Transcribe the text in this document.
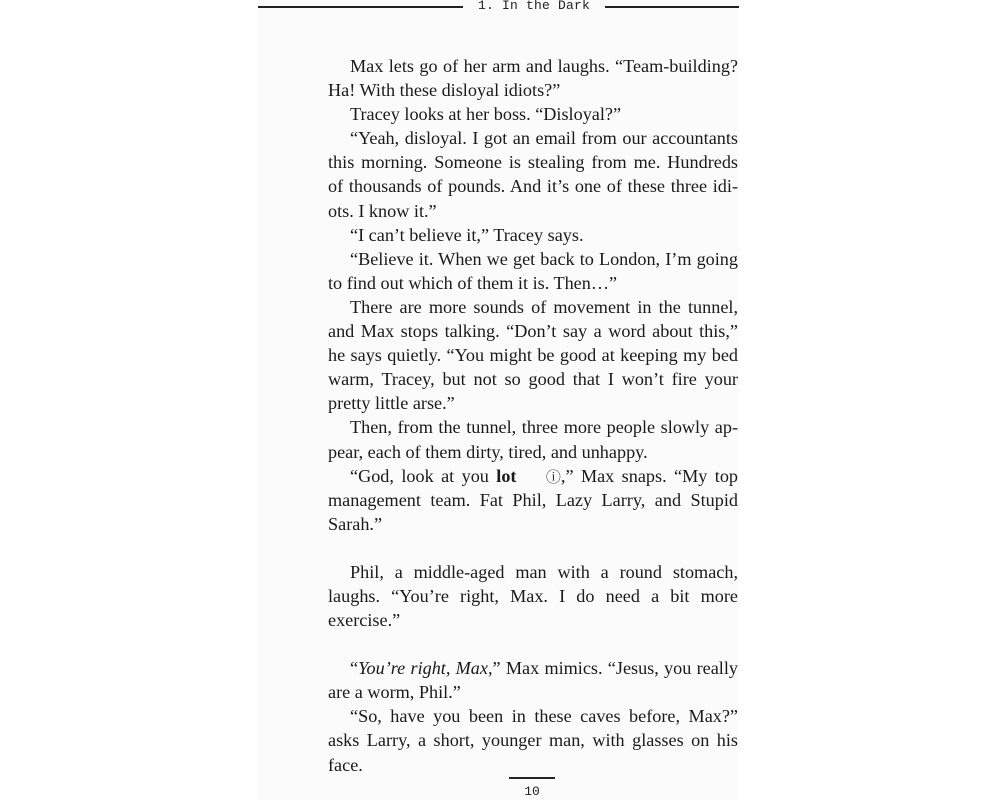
1. In the Dark

Max lets go of her arm and laughs. “Team-building? Ha! With these disloyal idiots?”

Tracey looks at her boss. “Disloyal?”

“Yeah, disloyal. I got an email from our accountants this morning. Someone is stealing from me. Hundreds of thousands of pounds. And it’s one of these three idiots. I know it.”

“I can’t believe it,” Tracey says.

“Believe it. When we get back to London, I’m going to find out which of them it is. Then…”

There are more sounds of movement in the tunnel, and Max stops talking. “Don’t say a word about this,” he says quietly. “You might be good at keeping my bed warm, Tracey, but not so good that I won’t fire your pretty little arse.”

Then, from the tunnel, three more people slowly appear, each of them dirty, tired, and unhappy.

“God, look at you lot ⓘ,” Max snaps. “My top management team. Fat Phil, Lazy Larry, and Stupid Sarah.”

Phil, a middle-aged man with a round stomach, laughs. “You’re right, Max. I do need a bit more exercise.”

“You’re right, Max,” Max mimics. “Jesus, you really are a worm, Phil.”

“So, have you been in these caves before, Max?” asks Larry, a short, younger man, with glasses on his face.

10
